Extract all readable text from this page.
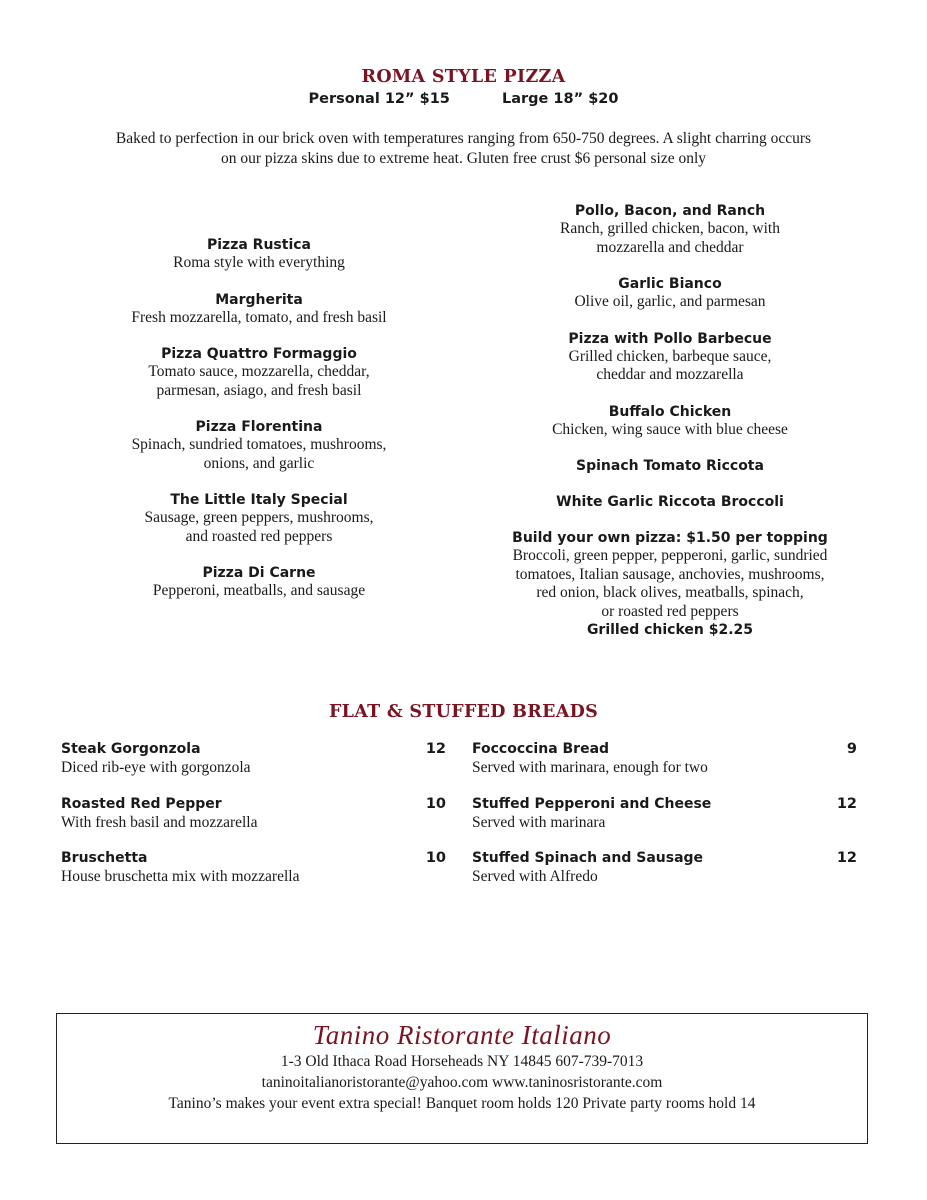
ROMA STYLE PIZZA
Personal 12” $15	Large 18” $20
Baked to perfection in our brick oven with temperatures ranging from 650-750 degrees. A slight charring occurs
on our pizza skins due to extreme heat. Gluten free crust $6 personal size only
Pizza Rustica
Roma style with everything
Margherita
Fresh mozzarella, tomato, and fresh basil
Pizza Quattro Formaggio
Tomato sauce, mozzarella, cheddar,
parmesan, asiago, and fresh basil
Pizza Florentina
Spinach, sundried tomatoes, mushrooms,
onions, and garlic
The Little Italy Special
Sausage, green peppers, mushrooms,
and roasted red peppers
Pizza Di Carne
Pepperoni, meatballs, and sausage
Pollo, Bacon, and Ranch
Ranch, grilled chicken, bacon, with
mozzarella and cheddar
Garlic Bianco
Olive oil, garlic, and parmesan
Pizza with Pollo Barbecue
Grilled chicken, barbeque sauce,
cheddar and mozzarella
Buffalo Chicken
Chicken, wing sauce with blue cheese
Spinach Tomato Riccota
White Garlic Riccota Broccoli
Build your own pizza: $1.50 per topping
Broccoli, green pepper, pepperoni, garlic, sundried
tomatoes, Italian sausage, anchovies, mushrooms,
red onion, black olives, meatballs, spinach,
or roasted red peppers
Grilled chicken $2.25
FLAT & STUFFED BREADS
Steak Gorgonzola	12
Diced rib-eye with gorgonzola
Roasted Red Pepper	10
With fresh basil and mozzarella
Bruschetta	10
House bruschetta mix with mozzarella
Foccoccina Bread	9
Served with marinara, enough for two
Stuffed Pepperoni and Cheese	12
Served with marinara
Stuffed Spinach and Sausage	12
Served with Alfredo
Tanino Ristorante Italiano
1-3 Old Ithaca Road Horseheads NY 14845 607-739-7013
taninoitalianoristorante@yahoo.com www.taninosristorante.com
Tanino’s makes your event extra special! Banquet room holds 120 Private party rooms hold 14
